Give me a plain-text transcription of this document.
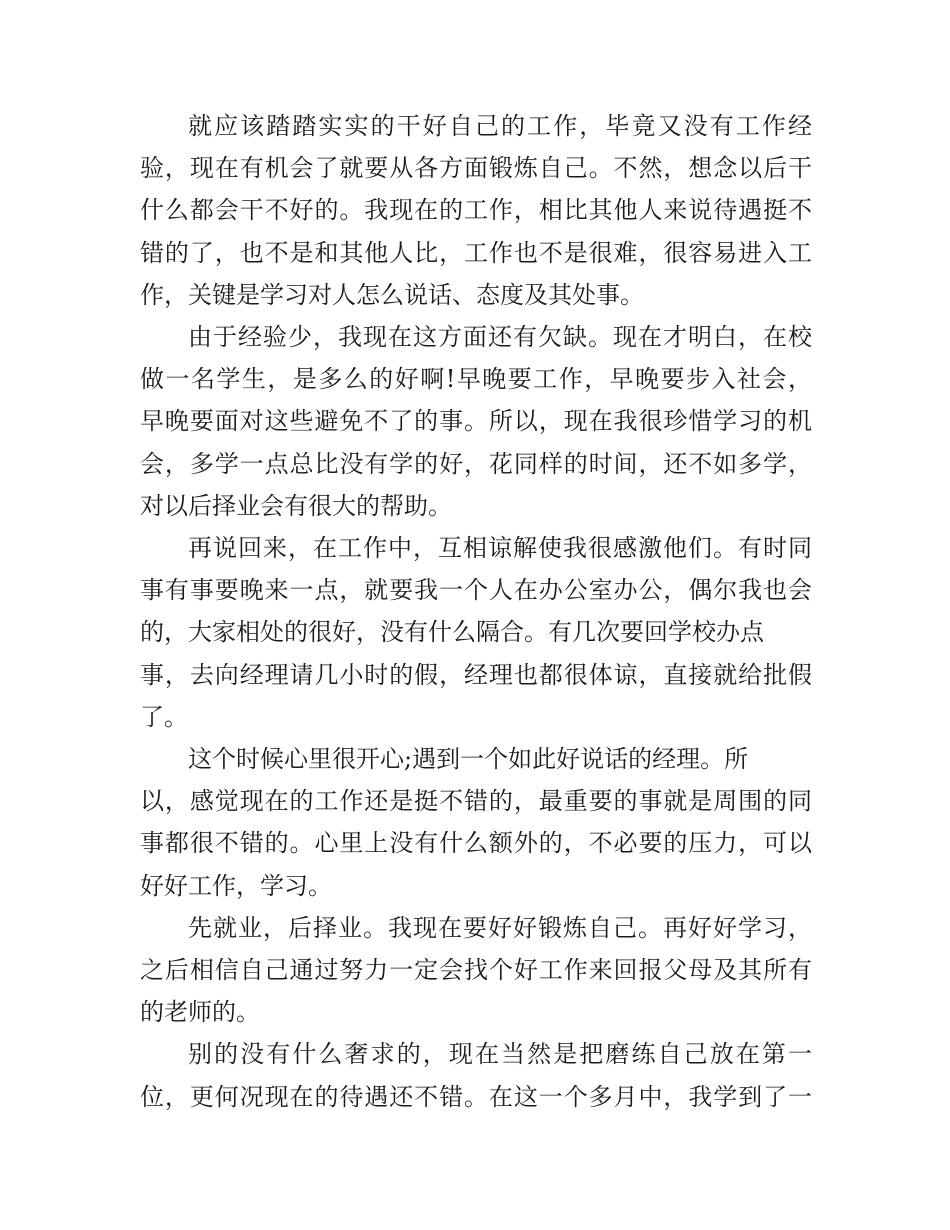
就应该踏踏实实的干好自己的工作，毕竟又没有工作经
验，现在有机会了就要从各方面锻炼自己。不然，想念以后干
什么都会干不好的。我现在的工作，相比其他人来说待遇挺不
错的了，也不是和其他人比，工作也不是很难，很容易进入工
作，关键是学习对人怎么说话、态度及其处事。

由于经验少，我现在这方面还有欠缺。现在才明白，在校
做一名学生，是多么的好啊!早晚要工作，早晚要步入社会，
早晚要面对这些避免不了的事。所以，现在我很珍惜学习的机
会，多学一点总比没有学的好，花同样的时间，还不如多学，
对以后择业会有很大的帮助。

再说回来，在工作中，互相谅解使我很感激他们。有时同
事有事要晚来一点，就要我一个人在办公室办公，偶尔我也会
的，大家相处的很好，没有什么隔合。有几次要回学校办点
事，去向经理请几小时的假，经理也都很体谅，直接就给批假
了。

这个时候心里很开心;遇到一个如此好说话的经理。所
以，感觉现在的工作还是挺不错的，最重要的事就是周围的同
事都很不错的。心里上没有什么额外的，不必要的压力，可以
好好工作，学习。

先就业，后择业。我现在要好好锻炼自己。再好好学习，
之后相信自己通过努力一定会找个好工作来回报父母及其所有
的老师的。

别的没有什么奢求的，现在当然是把磨练自己放在第一
位，更何况现在的待遇还不错。在这一个多月中，我学到了一
